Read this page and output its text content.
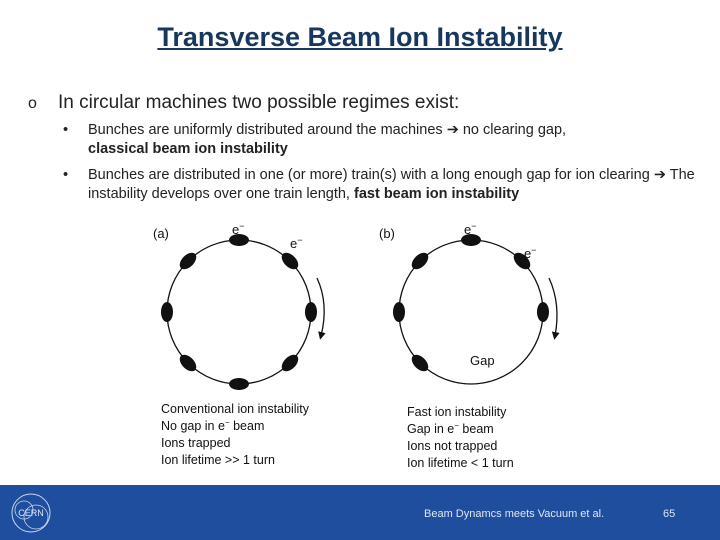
Transverse Beam Ion Instability
o In circular machines two possible regimes exist:
• Bunches are uniformly distributed around the machines ➔ no clearing gap,
classical beam ion instability
• Bunches are distributed in one (or more) train(s) with a long enough gap for ion clearing ➔ The instability develops over one train length, fast beam ion instability
(a)	e−
e−
Conventional ion instability
No gap in e− beam
Ions trapped
Ion lifetime >> 1 turn
(b)	e−
e−
Gap
Fast ion instability
Gap in e− beam
Ions not trapped
Ion lifetime < 1 turn
CERN	Beam Dynamcs meets Vacuum et al.	65
